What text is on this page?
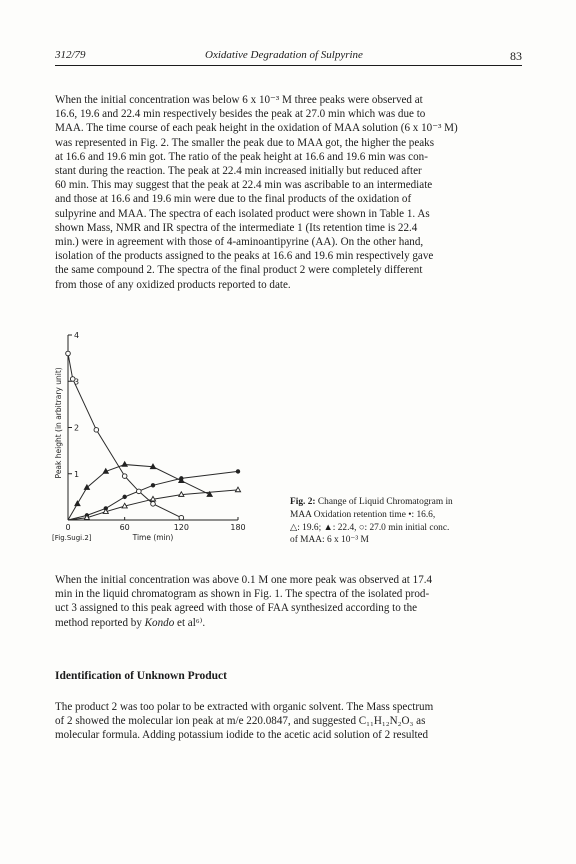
312/79	Oxidative Degradation of Sulpyrine	83
When the initial concentration was below 6 x 10⁻³ M three peaks were observed at
16.6, 19.6 and 22.4 min respectively besides the peak at 27.0 min which was due to
MAA. The time course of each peak height in the oxidation of MAA solution (6 x 10⁻³ M)
was represented in Fig. 2. The smaller the peak due to MAA got, the higher the peaks
at 16.6 and 19.6 min got. The ratio of the peak height at 16.6 and 19.6 min was con-
stant during the reaction. The peak at 22.4 min increased initially but reduced after
60 min. This may suggest that the peak at 22.4 min was ascribable to an intermediate
and those at 16.6 and 19.6 min were due to the final products of the oxidation of
sulpyrine and MAA. The spectra of each isolated product were shown in Table 1. As
shown Mass, NMR and IR spectra of the intermediate 1 (Its retention time is 22.4
min.) were in agreement with those of 4-aminoantipyrine (AA). On the other hand,
isolation of the products assigned to the peaks at 16.6 and 19.6 min respectively gave
the same compound 2. The spectra of the final product 2 were completely different
from those of any oxidized products reported to date.
1
2
3
4
0	60	120	180
Time (min)
Peak height (in arbitrary unit)
[Fig.Sugi.2]
Fig. 2: Change of Liquid Chromatogram in
MAA Oxidation retention time •: 16.6,
△: 19.6; ▲: 22.4, ○: 27.0 min initial conc.
of MAA: 6 x 10⁻³ M
When the initial concentration was above 0.1 M one more peak was observed at 17.4
min in the liquid chromatogram as shown in Fig. 1. The spectra of the isolated prod-
uct 3 assigned to this peak agreed with those of FAA synthesized according to the
method reported by Kondo et al⁶⁾.
Identification of Unknown Product
The product 2 was too polar to be extracted with organic solvent. The Mass spectrum
of 2 showed the molecular ion peak at m/e 220.0847, and suggested C₁₁H₁₂N₂O₃ as
molecular formula. Adding potassium iodide to the acetic acid solution of 2 resulted
